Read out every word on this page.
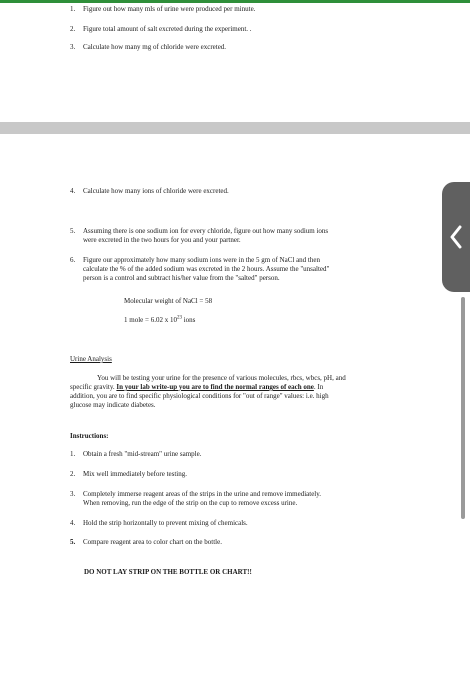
1. Figure out how many mls of urine were produced per minute.
2. Figure total amount of salt excreted during the experiment. .
3. Calculate how many mg of chloride were excreted.
4. Calculate how many ions of chloride were excreted.
5. Assuming there is one sodium ion for every chloride, figure out how many sodium ions
were excreted in the two hours for you and your partner.
6. Figure our approximately how many sodium ions were in the 5 gm of NaCl and then
calculate the % of the added sodium was excreted in the 2 hours. Assume the "unsalted"
person is a control and subtract his/her value from the "salted" person.
Molecular weight of NaCl = 58
1 mole = 6.02 x $10^{23}$ ions
Urine Analysis
You will be testing your urine for the presence of various molecules, rbcs, wbcs, pH, and
specific gravity. In your lab write-up you are to find the normal ranges of each one. In
addition, you are to find specific physiological conditions for "out of range" values: i.e. high
glucose may indicate diabetes.
Instructions:
1. Obtain a fresh "mid-stream" urine sample.
2. Mix well immediately before testing.
3. Completely immerse reagent areas of the strips in the urine and remove immediately.
When removing, run the edge of the strip on the cup to remove excess urine.
4. Hold the strip horizontally to prevent mixing of chemicals.
5. Compare reagent area to color chart on the bottle.
DO NOT LAY STRIP ON THE BOTTLE OR CHART!!
